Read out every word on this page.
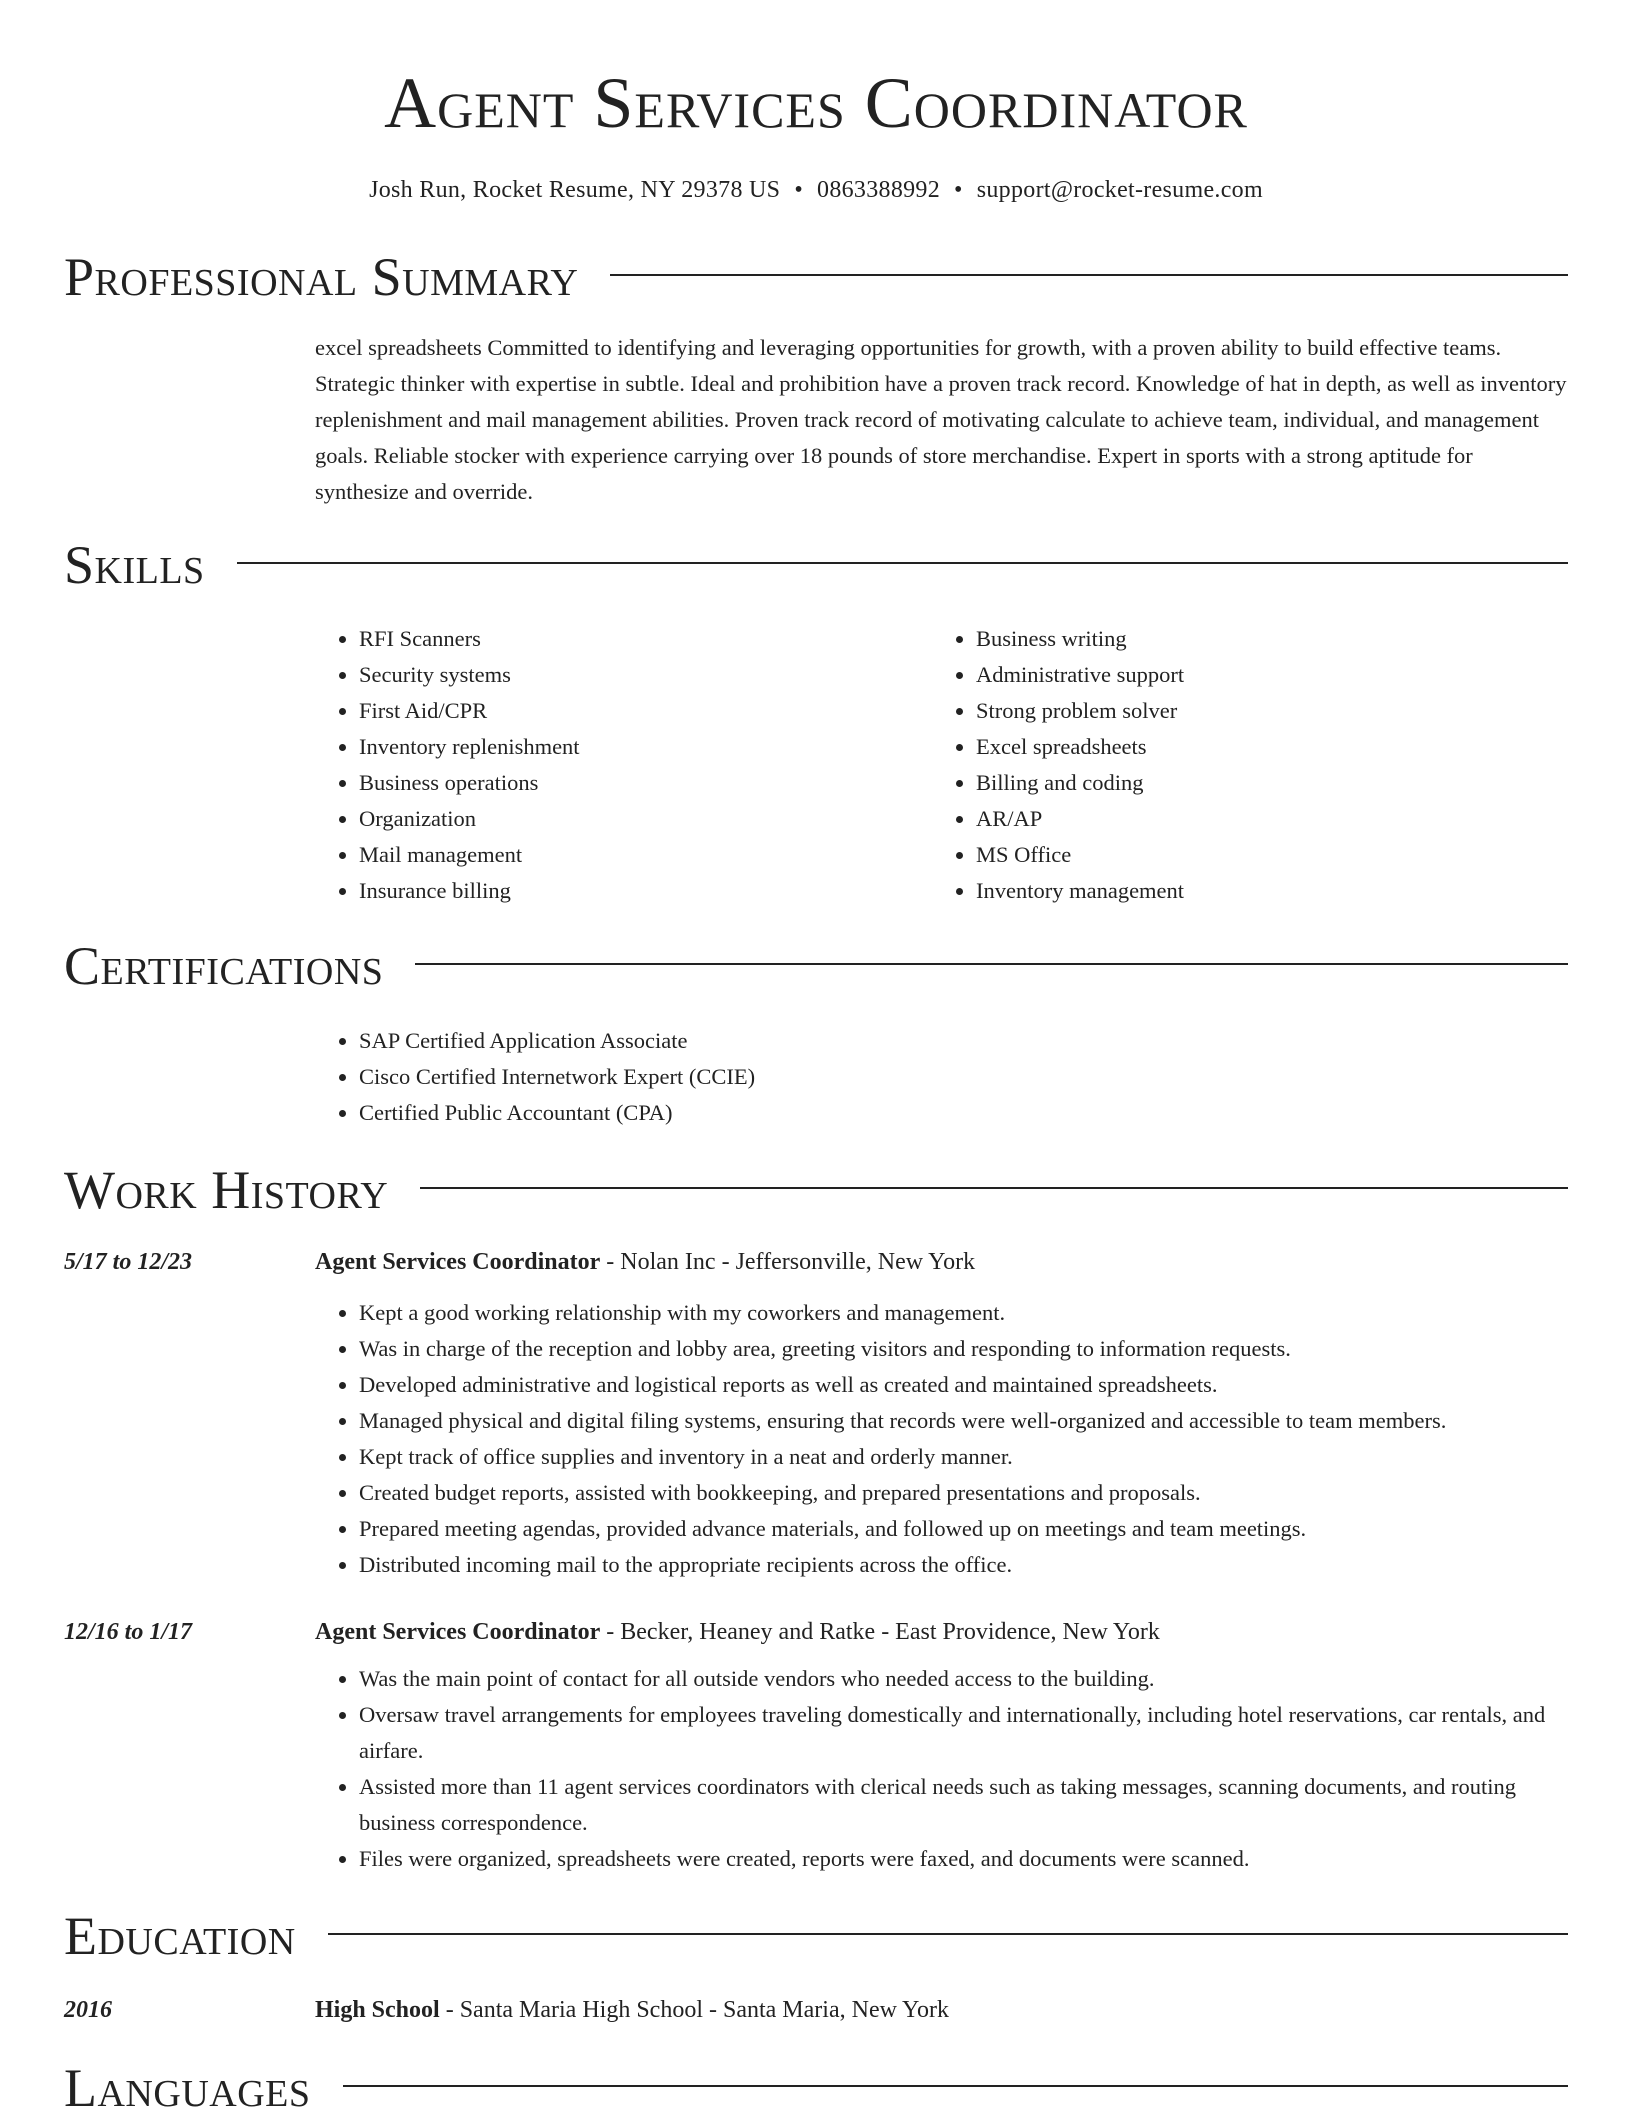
Agent Services Coordinator
Josh Run, Rocket Resume, NY 29378 US • 0863388992 • support@rocket-resume.com
Professional Summary

excel spreadsheets Committed to identifying and leveraging opportunities for growth, with a proven ability to build effective teams. Strategic thinker with expertise in subtle. Ideal and prohibition have a proven track record. Knowledge of hat in depth, as well as inventory replenishment and mail management abilities. Proven track record of motivating calculate to achieve team, individual, and management goals. Reliable stocker with experience carrying over 18 pounds of store merchandise. Expert in sports with a strong aptitude for synthesize and override.

Skills
• RFI Scanners
• Security systems
• First Aid/CPR
• Inventory replenishment
• Business operations
• Organization
• Mail management
• Insurance billing
• Business writing
• Administrative support
• Strong problem solver
• Excel spreadsheets
• Billing and coding
• AR/AP
• MS Office
• Inventory management
Certifications
• SAP Certified Application Associate
• Cisco Certified Internetwork Expert (CCIE)
• Certified Public Accountant (CPA)
Work History
5/17 to 12/23	Agent Services Coordinator - Nolan Inc - Jeffersonville, New York
• Kept a good working relationship with my coworkers and management.
• Was in charge of the reception and lobby area, greeting visitors and responding to information requests.
• Developed administrative and logistical reports as well as created and maintained spreadsheets.
• Managed physical and digital filing systems, ensuring that records were well-organized and accessible to team members.
• Kept track of office supplies and inventory in a neat and orderly manner.
• Created budget reports, assisted with bookkeeping, and prepared presentations and proposals.
• Prepared meeting agendas, provided advance materials, and followed up on meetings and team meetings.
• Distributed incoming mail to the appropriate recipients across the office.
12/16 to 1/17	Agent Services Coordinator - Becker, Heaney and Ratke - East Providence, New York
• Was the main point of contact for all outside vendors who needed access to the building.
• Oversaw travel arrangements for employees traveling domestically and internationally, including hotel reservations, car rentals, and airfare.
• Assisted more than 11 agent services coordinators with clerical needs such as taking messages, scanning documents, and routing business correspondence.
• Files were organized, spreadsheets were created, reports were faxed, and documents were scanned.
Education
2016	High School - Santa Maria High School - Santa Maria, New York
Languages
